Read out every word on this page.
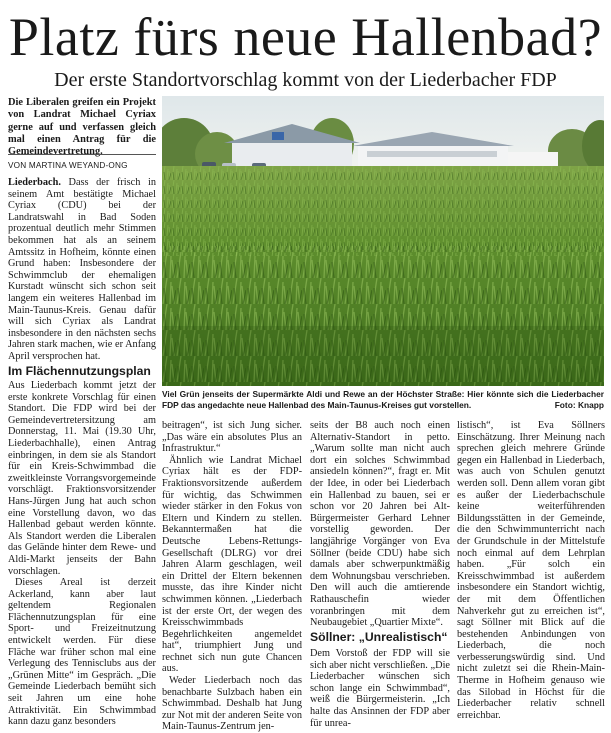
Platz fürs neue Hallenbad?
Der erste Standortvorschlag kommt von der Liederbacher FDP

Die Liberalen greifen ein Projekt von Landrat Michael Cyriax gerne auf und verfassen gleich mal einen Antrag für die Gemeindevertretung.

VON MARTINA WEYAND-ONG

Liederbach. Dass der frisch in seinem Amt bestätigte Michael Cyriax (CDU) bei der Landratswahl in Bad Soden prozentual deutlich mehr Stimmen bekommen hat als an seinem Amtssitz in Hofheim, könnte einen Grund haben: Insbesondere der Schwimmclub der ehemaligen Kurstadt wünscht sich schon seit langem ein weiteres Hallenbad im Main-Taunus-Kreis. Genau dafür will sich Cyriax als Landrat insbesondere in den nächsten sechs Jahren stark machen, wie er Anfang April versprochen hat.

Im Flächennutzungsplan

Aus Liederbach kommt jetzt der erste konkrete Vorschlag für einen Standort. Die FDP wird bei der Gemeindevertretersitzung am Donnerstag, 11. Mai (19.30 Uhr, Liederbachhalle), einen Antrag einbringen, in dem sie als Standort für ein Kreis-Schwimmbad die zweitkleinste Vorrangsvorgemeinde vorschlägt. Fraktionsvorsitzender Hans-Jürgen Jung hat auch schon eine Vorstellung davon, wo das Hallenbad gebaut werden könnte. Als Standort werden die Liberalen das Gelände hinter dem Rewe- und Aldi-Markt jenseits der Bahn vorschlagen.

Dieses Areal ist derzeit Ackerland, kann aber laut geltendem Regionalen Flächennutzungsplan für eine Sport- und Freizeitnutzung entwickelt werden. Für diese Fläche war früher schon mal eine Verlegung des Tennisclubs aus der „Grünen Mitte“ im Gespräch. „Die Gemeinde Liederbach bemüht sich seit Jahren um eine hohe Attraktivität. Ein Schwimmbad kann dazu ganz besonders

Viel Grün jenseits der Supermärkte Aldi und Rewe an der Höchster Straße: Hier könnte sich die Liederbacher FDP das angedachte neue Hallenbad des Main-Taunus-Kreises gut vorstellen.	Foto: Knapp

beitragen“, ist sich Jung sicher. „Das wäre ein absolutes Plus an Infrastruktur.“

Ähnlich wie Landrat Michael Cyriax hält es der FDP-Fraktionsvorsitzende außerdem für wichtig, das Schwimmen wieder stärker in den Fokus von Eltern und Kindern zu stellen. Bekanntermaßen hat die Deutsche Lebens-Rettungs-Gesellschaft (DLRG) vor drei Jahren Alarm geschlagen, weil ein Drittel der Eltern bekennen musste, das ihre Kinder nicht schwimmen können. „Liederbach ist der erste Ort, der wegen des Kreisschwimmbads Begehrlichkeiten angemeldet hat“, triumphiert Jung und rechnet sich nun gute Chancen aus.

Weder Liederbach noch das benachbarte Sulzbach haben ein Schwimmbad. Deshalb hat Jung zur Not mit der anderen Seite von Main-Taunus-Zentrum jen-

seits der B8 auch noch einen Alternativ-Standort in petto. „Warum sollte man nicht auch dort ein solches Schwimmbad ansiedeln können?“, fragt er. Mit der Idee, in oder bei Liederbach ein Hallenbad zu bauen, sei er schon vor 20 Jahren bei Alt-Bürgermeister Gerhard Lehner vorstellig geworden. Der langjährige Vorgänger von Eva Söllner (beide CDU) habe sich damals aber schwerpunktmäßig dem Wohnungsbau verschrieben. Den will auch die amtierende Rathauschefin wieder voranbringen mit dem Neubaugebiet „Quartier Mixte“.

Söllner: „Unrealistisch“

Dem Vorstoß der FDP will sie sich aber nicht verschließen. „Die Liederbacher wünschen sich schon lange ein Schwimmbad“, weiß die Bürgermeisterin. „Ich halte das Ansinnen der FDP aber für unrea-

listisch“, ist Eva Söllners Einschätzung. Ihrer Meinung nach sprechen gleich mehrere Gründe gegen ein Hallenbad in Liederbach, was auch von Schulen genutzt werden soll. Denn allem voran gibt es außer der Liederbachschule keine weiterführenden Bildungsstätten in der Gemeinde, die den Schwimmunterricht nach der Grundschule in der Mittelstufe noch einmal auf dem Lehrplan haben. „Für solch ein Kreisschwimmbad ist außerdem insbesondere ein Standort wichtig, der mit dem Öffentlichen Nahverkehr gut zu erreichen ist“, sagt Söllner mit Blick auf die bestehenden Anbindungen von Liederbach, die noch verbesserungswürdig sind. Und nicht zuletzt sei die Rhein-Main-Therme in Hofheim genauso wie das Silobad in Höchst für die Liederbacher relativ schnell erreichbar.
